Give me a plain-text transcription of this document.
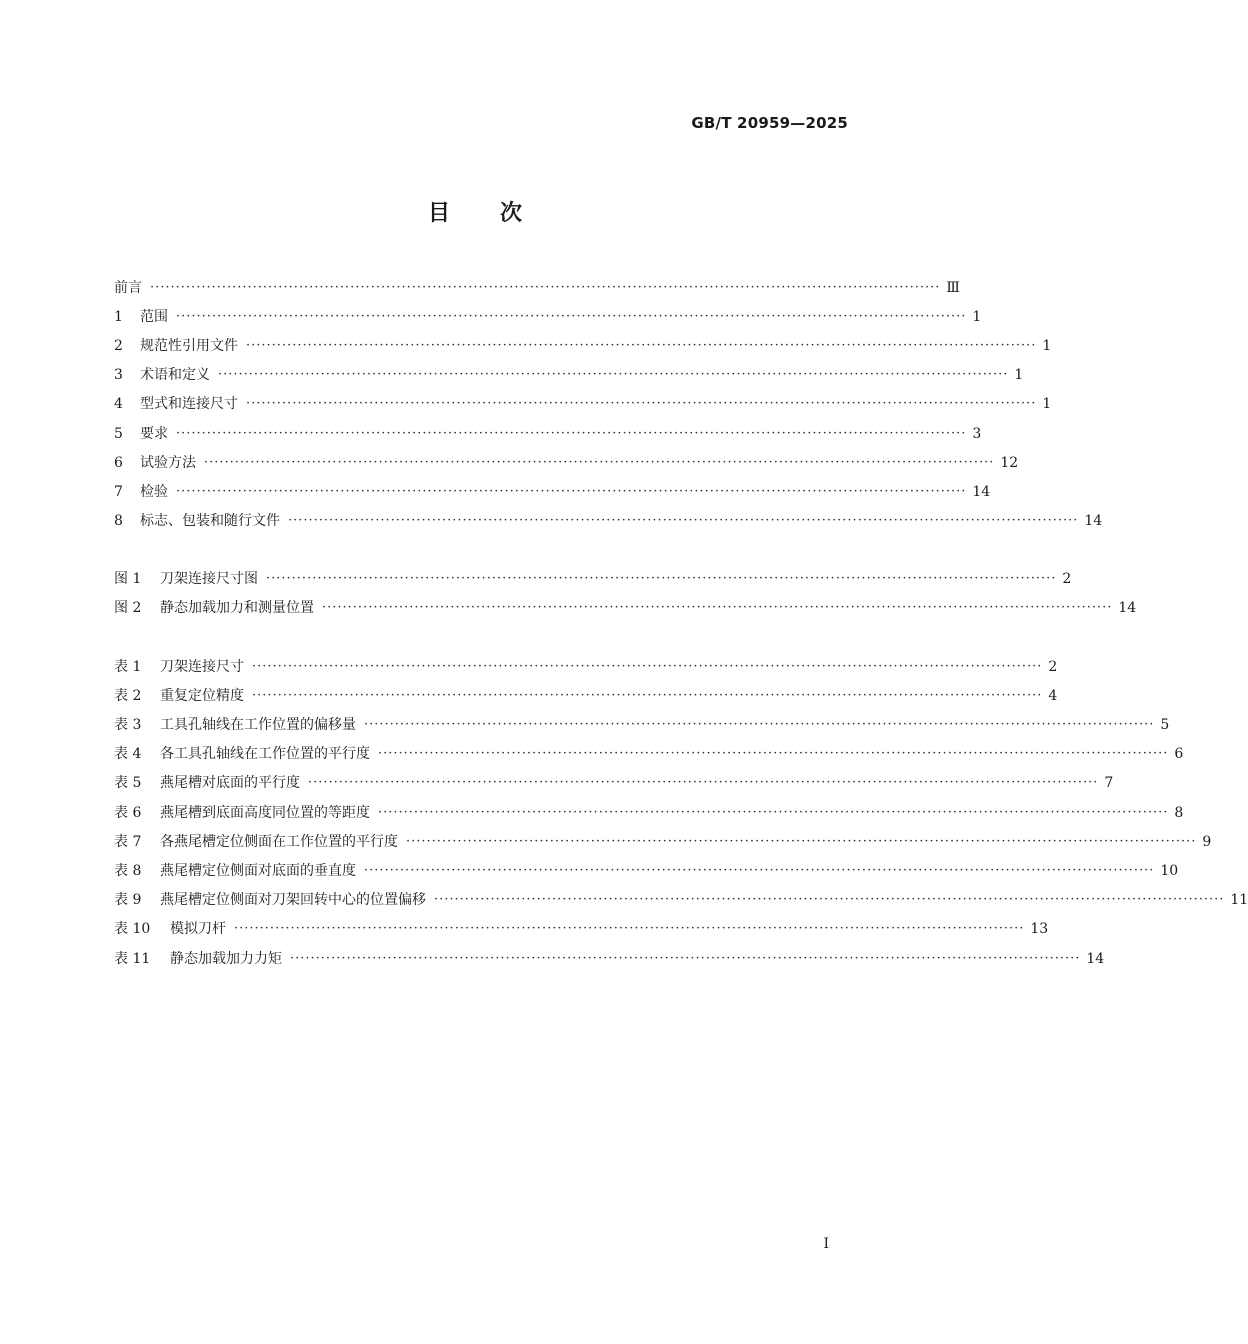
GB/T 20959—2025
目 次
前言 ·························································································································································· Ⅲ
1	范围 ·························································································································································· 1
2	规范性引用文件 ·························································································································································· 1
3	术语和定义 ·························································································································································· 1
4	型式和连接尺寸 ·························································································································································· 1
5	要求 ·························································································································································· 3
6	试验方法 ·························································································································································· 12
7	检验 ·························································································································································· 14
8	标志、包装和随行文件 ·························································································································································· 14
图 1	刀架连接尺寸图 ·························································································································································· 2
图 2	静态加载加力和测量位置 ·························································································································································· 14
表 1	刀架连接尺寸 ·························································································································································· 2
表 2	重复定位精度 ·························································································································································· 4
表 3	工具孔轴线在工作位置的偏移量 ·························································································································································· 5
表 4	各工具孔轴线在工作位置的平行度 ·························································································································································· 6
表 5	燕尾槽对底面的平行度 ·························································································································································· 7
表 6	燕尾槽到底面高度同位置的等距度 ·························································································································································· 8
表 7	各燕尾槽定位侧面在工作位置的平行度 ·························································································································································· 9
表 8	燕尾槽定位侧面对底面的垂直度 ·························································································································································· 10
表 9	燕尾槽定位侧面对刀架回转中心的位置偏移 ·························································································································································· 11
表 10	模拟刀杆 ·························································································································································· 13
表 11	静态加载加力力矩 ·························································································································································· 14
I
